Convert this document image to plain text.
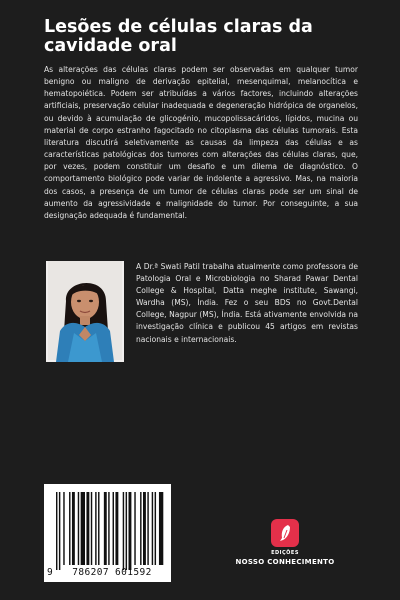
Lesões de células claras da cavidade oral

As alterações das células claras podem ser observadas em qualquer tumor benigno ou maligno de derivação epitelial, mesenquimal, melanocítica e hematopoiética. Podem ser atribuídas a vários factores, incluindo alterações artificiais, preservação celular inadequada e degeneração hidrópica de organelos, ou devido à acumulação de glicogénio, mucopolissacáridos, lípidos, mucina ou material de corpo estranho fagocitado no citoplasma das células tumorais. Esta literatura discutirá seletivamente as causas da limpeza das células e as características patológicas dos tumores com alterações das células claras, que, por vezes, podem constituir um desafio e um dilema de diagnóstico. O comportamento biológico pode variar de indolente a agressivo. Mas, na maioria dos casos, a presença de um tumor de células claras pode ser um sinal de aumento da agressividade e malignidade do tumor. Por conseguinte, a sua designação adequada é fundamental.

A Dr.ª Swati Patil trabalha atualmente como professora de Patologia Oral e Microbiologia no Sharad Pawar Dental College & Hospital, Datta meghe institute, Sawangi, Wardha (MS), Índia. Fez o seu BDS no Govt.Dental College, Nagpur (MS), Índia. Está ativamente envolvida na investigação clínica e publicou 45 artigos em revistas nacionais e internacionais.

9	786207 601592
EDIÇÕES
NOSSO CONHECIMENTO
